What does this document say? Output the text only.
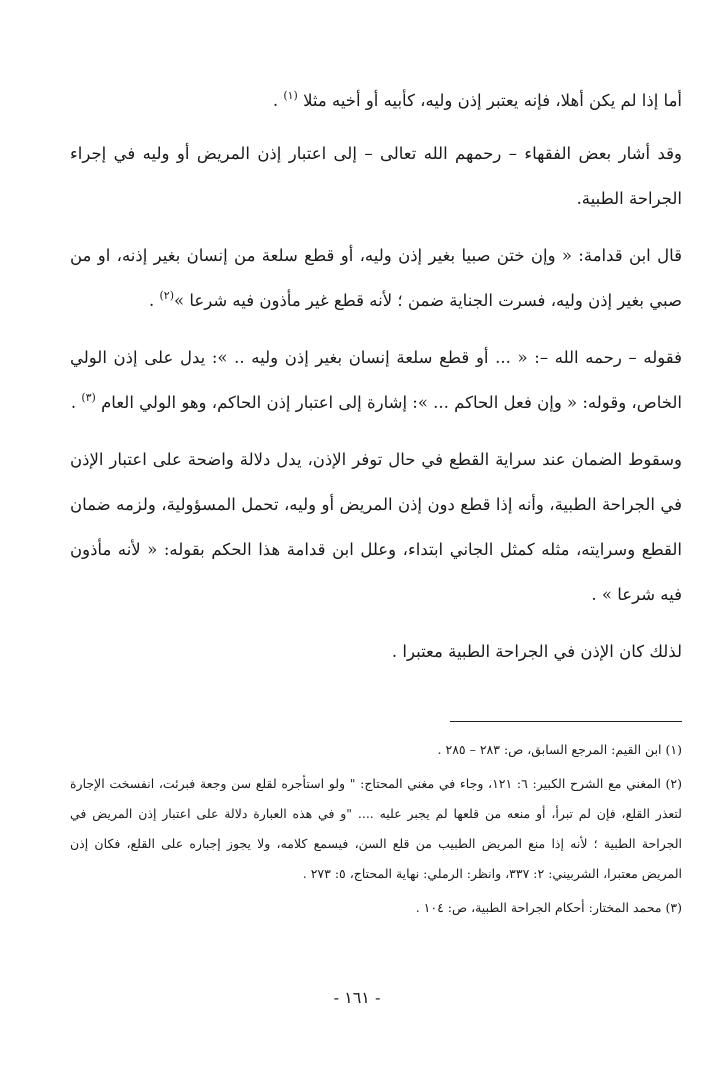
أما إذا لم يكن أهلا، فإنه يعتبر إذن وليه، كأبيه أو أخيه مثلا $^{(١)}$ .

وقد أشار بعض الفقهاء – رحمهم الله تعالى – إلى اعتبار إذن المريض أو وليه في إجراء الجراحة الطبية.

قال ابن قدامة: « وإن ختن صبيا بغير إذن وليه، أو قطع سلعة من إنسان بغير إذنه، او من صبي بغير إذن وليه، فسرت الجناية ضمن ؛ لأنه قطع غير مأذون فيه شرعا »$^{(٢)}$ .

فقوله – رحمه الله –: « ... أو قطع سلعة إنسان بغير إذن وليه .. »: يدل على إذن الولي الخاص، وقوله: « وإن فعل الحاكم ... »: إشارة إلى اعتبار إذن الحاكم، وهو الولي العام $^{(٣)}$ .

وسقوط الضمان عند سراية القطع في حال توفر الإذن، يدل دلالة واضحة على اعتبار الإذن في الجراحة الطبية، وأنه إذا قطع دون إذن المريض أو وليه، تحمل المسؤولية، ولزمه ضمان القطع وسرايته، مثله كمثل الجاني ابتداء، وعلل ابن قدامة هذا الحكم بقوله: « لأنه مأذون فيه شرعا » .

لذلك كان الإذن في الجراحة الطبية معتبرا .

(١) ابن القيم: المرجع السابق، ص: ٢٨٣ – ٢٨٥ .

(٢) المغني مع الشرح الكبير: ٦: ١٢١، وجاء في مغني المحتاج: " ولو استأجره لقلع سن وجعة فبرئت، انفسخت الإجارة لتعذر القلع، فإن لم تبرأ، أو منعه من قلعها لم يجبر عليه .... "و في هذه العبارة دلالة على اعتبار إذن المريض في الجراحة الطبية ؛ لأنه إذا منع المريض الطبيب من قلع السن، فيسمع كلامه، ولا يجوز إجباره على القلع، فكان إذن المريض معتبرا، الشربيني: ٢: ٣٣٧، وانظر: الرملي: نهاية المحتاج، ٥: ٢٧٣ .

(٣) محمد المختار: أحكام الجراحة الطبية، ص: ١٠٤ .

- ١٦١ -
